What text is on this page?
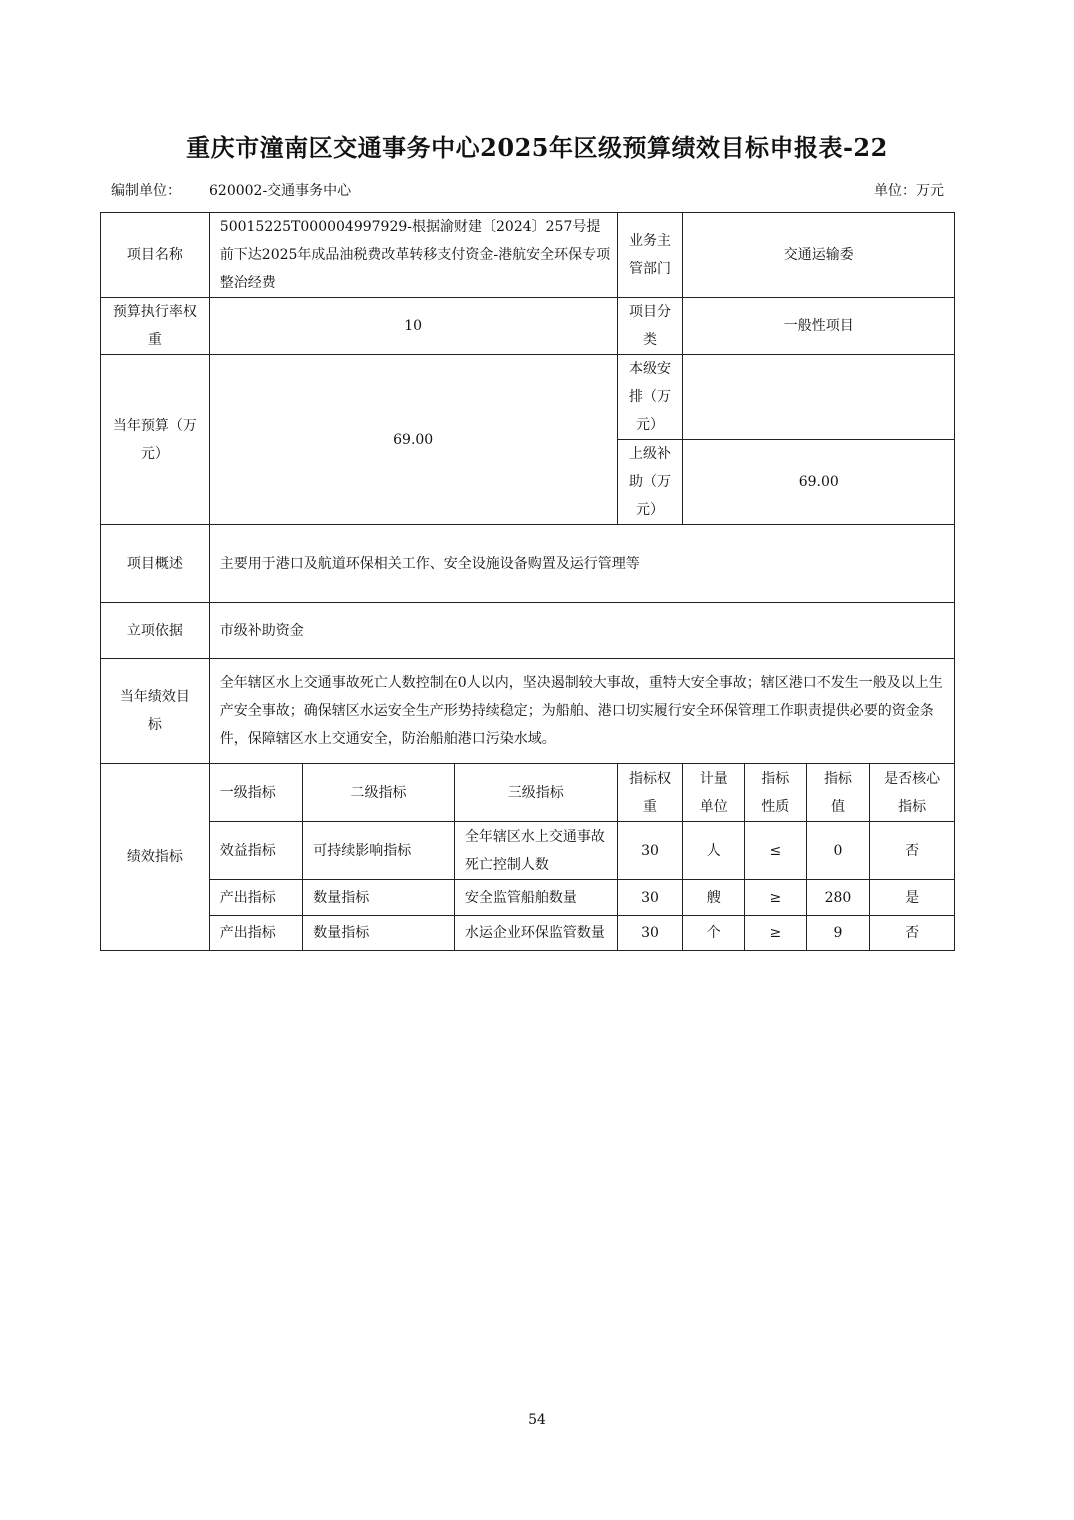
重庆市潼南区交通事务中心2025年区级预算绩效目标申报表-22
编制单位： 620002-交通事务中心	单位：万元
项目名称	50015225T000004997929-根据渝财建〔2024〕257号提前下达2025年成品油税费改革转移支付资金-港航安全环保专项整治经费			业务主管部门	交通运输委			
预算执行率权重	10			项目分类	一般性项目			
当年预算（万元）	69.00			本级安排（万元）				
				上级补助（万元）	69.00			
项目概述	主要用于港口及航道环保相关工作、安全设施设备购置及运行管理等							
立项依据	市级补助资金							
当年绩效目标	全年辖区水上交通事故死亡人数控制在0人以内，坚决遏制较大事故，重特大安全事故；辖区港口不发生一般及以上生产安全事故；确保辖区水运安全生产形势持续稳定；为船舶、港口切实履行安全环保管理工作职责提供必要的资金条件，保障辖区水上交通安全，防治船舶港口污染水域。							
绩效指标	一级指标	二级指标	三级指标	指标权重	计量单位	指标性质	指标值	是否核心指标
	效益指标	可持续影响指标	全年辖区水上交通事故死亡控制人数	30	人	≤	0	否
	产出指标	数量指标	安全监管船舶数量	30	艘	≥	280	是
	产出指标	数量指标	水运企业环保监管数量	30	个	≥	9	否
54
